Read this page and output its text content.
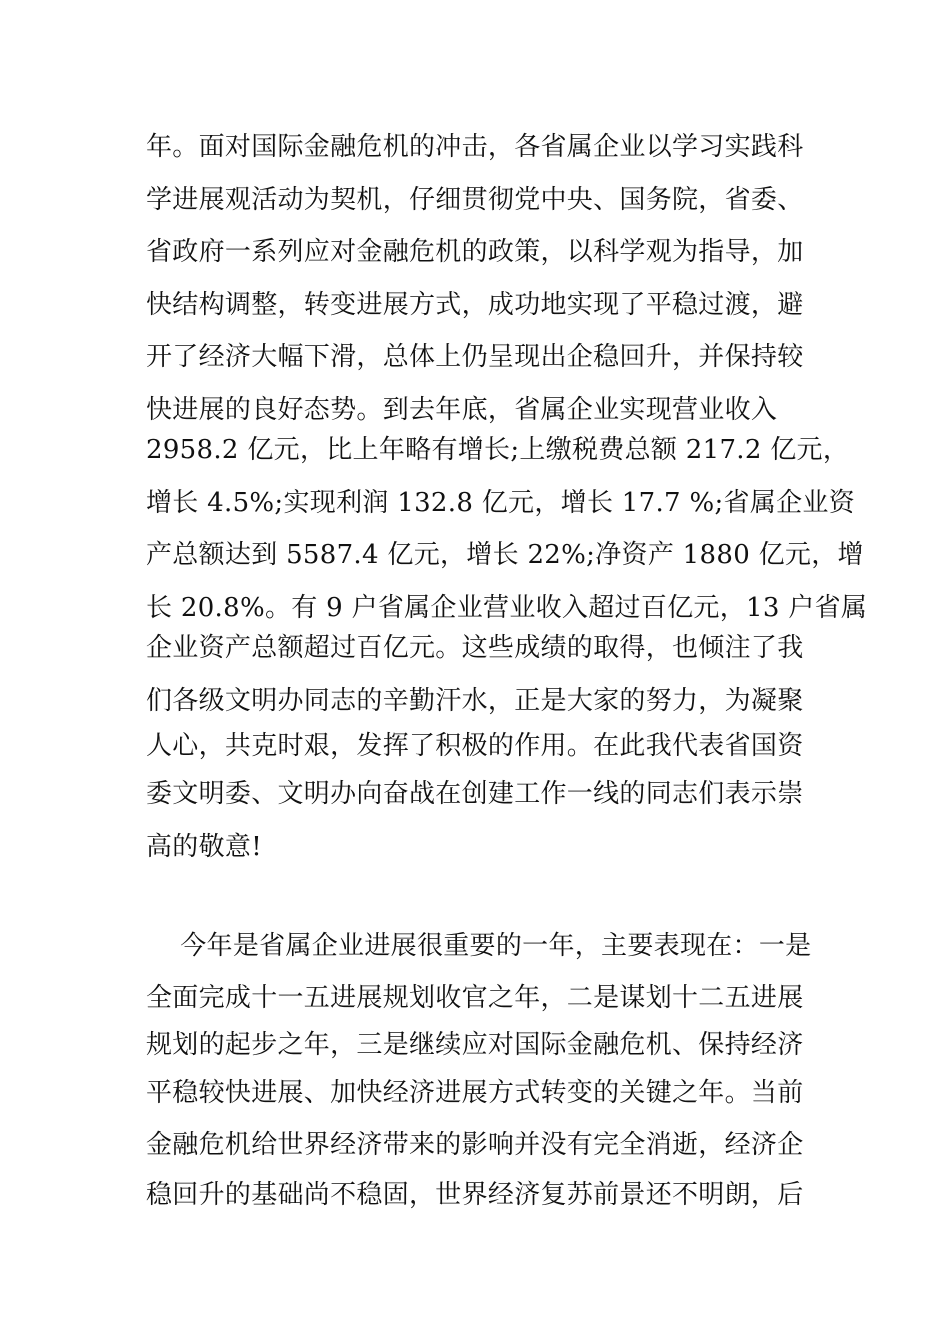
年。面对国际金融危机的冲击，各省属企业以学习实践科
学进展观活动为契机，仔细贯彻党中央、国务院，省委、
省政府一系列应对金融危机的政策，以科学观为指导，加
快结构调整，转变进展方式，成功地实现了平稳过渡，避
开了经济大幅下滑，总体上仍呈现出企稳回升，并保持较
快进展的良好态势。到去年底，省属企业实现营业收入
2958.2 亿元，比上年略有增长;上缴税费总额 217.2 亿元，
增长 4.5%;实现利润 132.8 亿元，增长 17.7 %;省属企业资
产总额达到 5587.4 亿元，增长 22%;净资产 1880 亿元，增
长 20.8%。有 9 户省属企业营业收入超过百亿元，13 户省属
企业资产总额超过百亿元。这些成绩的取得，也倾注了我
们各级文明办同志的辛勤汗水，正是大家的努力，为凝聚
人心，共克时艰，发挥了积极的作用。在此我代表省国资
委文明委、文明办向奋战在创建工作一线的同志们表示崇
高的敬意!
今年是省属企业进展很重要的一年，主要表现在：一是
全面完成十一五进展规划收官之年，二是谋划十二五进展
规划的起步之年，三是继续应对国际金融危机、保持经济
平稳较快进展、加快经济进展方式转变的关键之年。当前
金融危机给世界经济带来的影响并没有完全消逝，经济企
稳回升的基础尚不稳固，世界经济复苏前景还不明朗，后
